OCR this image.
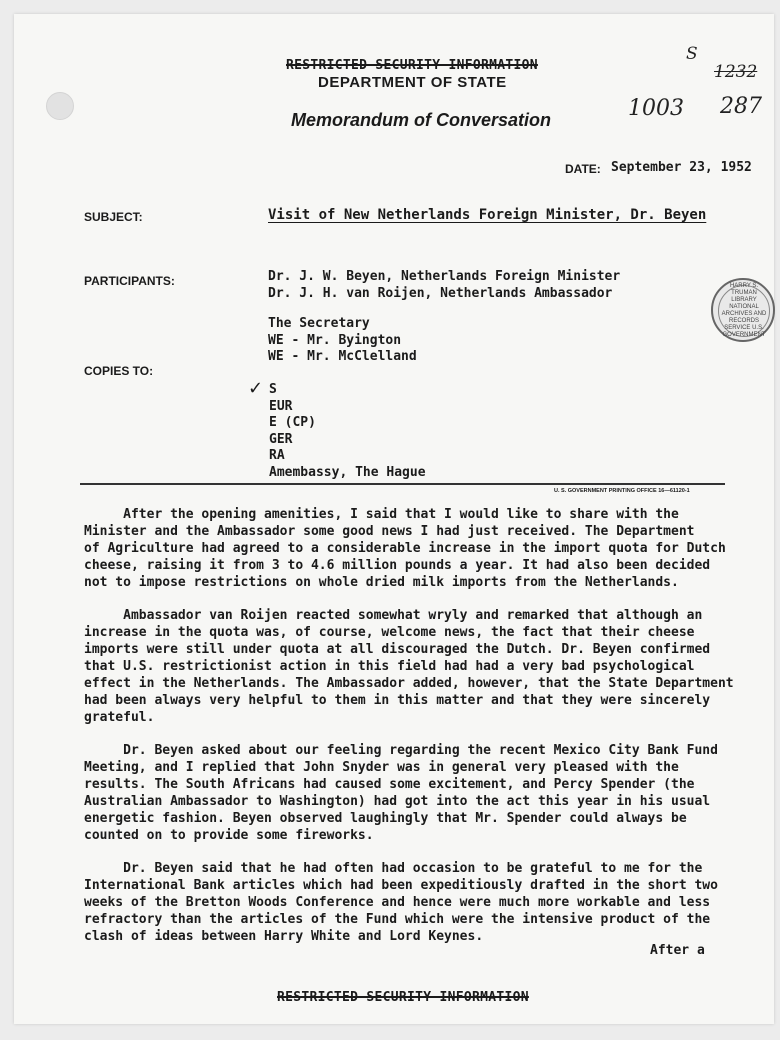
RESTRICTED SECURITY INFORMATION
DEPARTMENT OF STATE
Memorandum of Conversation
S
1232
1003 287
DATE: September 23, 1952
SUBJECT:	Visit of New Netherlands Foreign Minister, Dr. Beyen
PARTICIPANTS:	Dr. J. W. Beyen, Netherlands Foreign Minister
Dr. J. H. van Roijen, Netherlands Ambassador
The Secretary
WE - Mr. Byington
WE - Mr. McClelland
HARRY S. TRUMAN LIBRARY NATIONAL ARCHIVES AND RECORDS SERVICE U.S. GOVERNMENT
COPIES TO:
✓ S
EUR
E (CP)
GER
RA
Amembassy, The Hague
U. S. GOVERNMENT PRINTING OFFICE 16—61120-1

After the opening amenities, I said that I would like to share with the
Minister and the Ambassador some good news I had just received. The Department
of Agriculture had agreed to a considerable increase in the import quota for Dutch
cheese, raising it from 3 to 4.6 million pounds a year. It had also been decided
not to impose restrictions on whole dried milk imports from the Netherlands.

Ambassador van Roijen reacted somewhat wryly and remarked that although an
increase in the quota was, of course, welcome news, the fact that their cheese
imports were still under quota at all discouraged the Dutch. Dr. Beyen confirmed
that U.S. restrictionist action in this field had had a very bad psychological
effect in the Netherlands. The Ambassador added, however, that the State Department
had been always very helpful to them in this matter and that they were sincerely
grateful.

Dr. Beyen asked about our feeling regarding the recent Mexico City Bank Fund
Meeting, and I replied that John Snyder was in general very pleased with the
results. The South Africans had caused some excitement, and Percy Spender (the
Australian Ambassador to Washington) had got into the act this year in his usual
energetic fashion. Beyen observed laughingly that Mr. Spender could always be
counted on to provide some fireworks.

Dr. Beyen said that he had often had occasion to be grateful to me for the
International Bank articles which had been expeditiously drafted in the short two
weeks of the Bretton Woods Conference and hence were much more workable and less
refractory than the articles of the Fund which were the intensive product of the
clash of ideas between Harry White and Lord Keynes.

After a
RESTRICTED SECURITY INFORMATION
